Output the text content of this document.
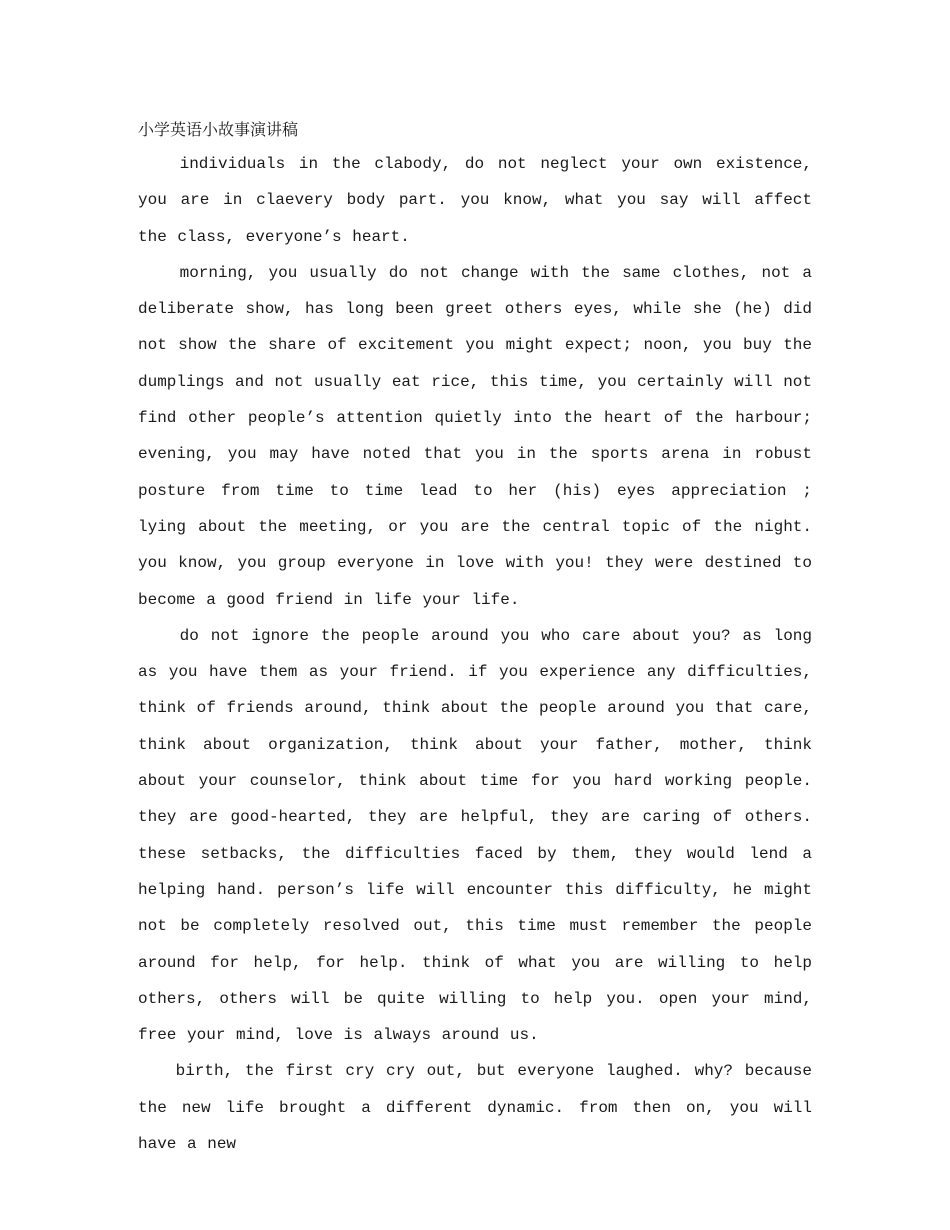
小学英语小故事演讲稿

individuals in the clabody, do not neglect your own existence, you are in claevery body part. you know, what you say will affect the class, everyone’s heart.

morning, you usually do not change with the same clothes, not a deliberate show, has long been greet others eyes, while she (he) did not show the share of excitement you might expect; noon, you buy the dumplings and not usually eat rice, this time, you certainly will not find other people’s attention quietly into the heart of the harbour; evening, you may have noted that you in the sports arena in robust posture from time to time lead to her (his) eyes appreciation ; lying about the meeting, or you are the central topic of the night. you know, you group everyone in love with you! they were destined to become a good friend in life your life.

do not ignore the people around you who care about you? as long as you have them as your friend. if you experience any difficulties, think of friends around, think about the people around you that care, think about organization, think about your father, mother, think about your counselor, think about time for you hard working people. they are good-hearted, they are helpful, they are caring of others. these setbacks, the difficulties faced by them, they would lend a helping hand. person’s life will encounter this difficulty, he might not be completely resolved out, this time must remember the people around for help, for help. think of what you are willing to help others, others will be quite willing to help you. open your mind, free your mind, love is always around us.

birth, the first cry cry out, but everyone laughed. why? because the new life brought a different dynamic. from then on, you will have a new
